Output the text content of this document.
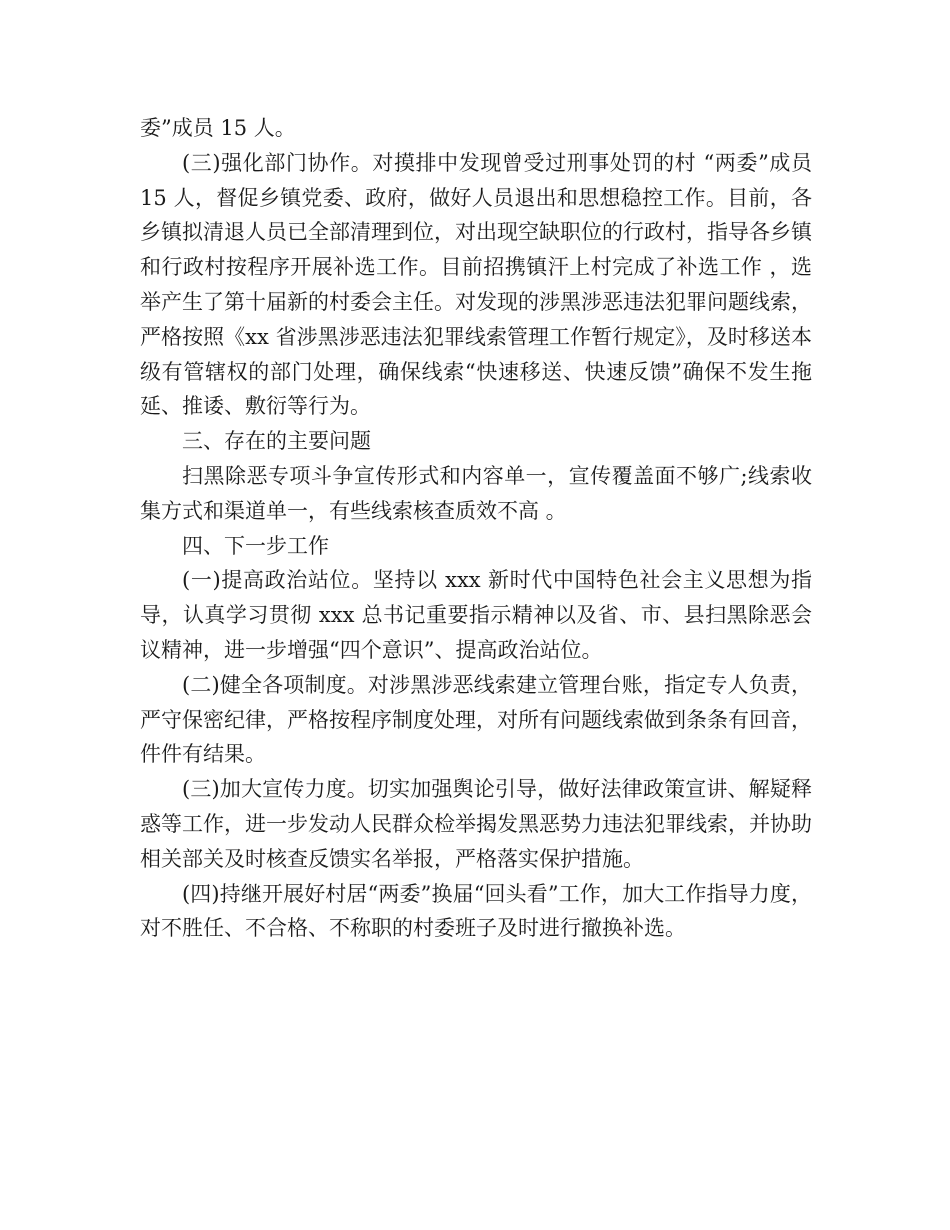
委”成员 15 人。

(三)强化部门协作。对摸排中发现曾受过刑事处罚的村 “两委”成员 15 人，督促乡镇党委、政府，做好人员退出和思想稳控工作。目前，各乡镇拟清退人员已全部清理到位，对出现空缺职位的行政村，指导各乡镇和行政村按程序开展补选工作。目前招携镇汗上村完成了补选工作 ，选举产生了第十届新的村委会主任。对发现的涉黑涉恶违法犯罪问题线索，严格按照《xx 省涉黑涉恶违法犯罪线索管理工作暂行规定》，及时移送本级有管辖权的部门处理，确保线索“快速移送、快速反馈”确保不发生拖延、推诿、敷衍等行为。

三、存在的主要问题

扫黑除恶专项斗争宣传形式和内容单一，宣传覆盖面不够广;线索收集方式和渠道单一，有些线索核查质效不高 。

四、下一步工作

(一)提高政治站位。坚持以 xxx 新时代中国特色社会主义思想为指导，认真学习贯彻 xxx 总书记重要指示精神以及省、市、县扫黑除恶会议精神，进一步增强“四个意识”、提高政治站位。

(二)健全各项制度。对涉黑涉恶线索建立管理台账，指定专人负责，严守保密纪律，严格按程序制度处理，对所有问题线索做到条条有回音，件件有结果。

(三)加大宣传力度。切实加强舆论引导，做好法律政策宣讲、解疑释惑等工作，进一步发动人民群众检举揭发黑恶势力违法犯罪线索，并协助相关部关及时核查反馈实名举报，严格落实保护措施。

(四)持继开展好村居“两委”换届“回头看”工作，加大工作指导力度，对不胜任、不合格、不称职的村委班子及时进行撤换补选。
